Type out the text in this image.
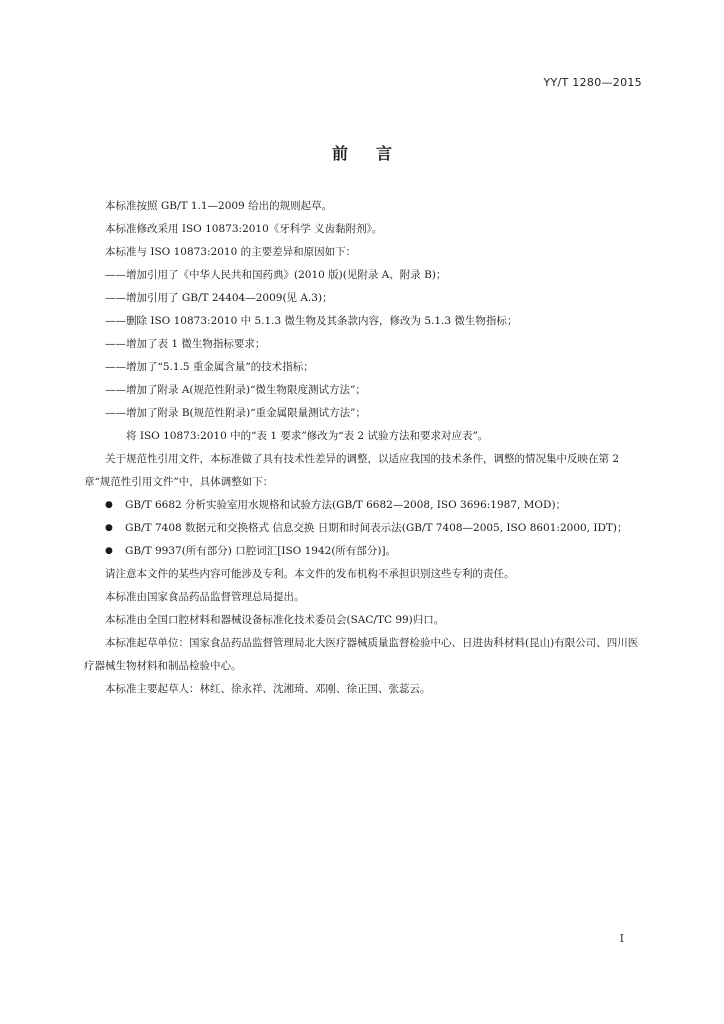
YY/T 1280—2015
前 言

本标准按照 GB/T 1.1—2009 给出的规则起草。

本标准修改采用 ISO 10873:2010《牙科学 义齿黏附剂》。

本标准与 ISO 10873:2010 的主要差异和原因如下：

——增加引用了《中华人民共和国药典》(2010 版)(见附录 A、附录 B)；

——增加引用了 GB/T 24404—2009(见 A.3)；

——删除 ISO 10873:2010 中 5.1.3 微生物及其条款内容，修改为 5.1.3 微生物指标；

——增加了表 1 微生物指标要求；

——增加了“5.1.5 重金属含量”的技术指标；

——增加了附录 A(规范性附录)“微生物限度测试方法”；

——增加了附录 B(规范性附录)“重金属限量测试方法”；

将 ISO 10873:2010 中的“表 1 要求”修改为“表 2 试验方法和要求对应表”。

关于规范性引用文件，本标准做了具有技术性差异的调整，以适应我国的技术条件，调整的情况集中反映在第 2 章“规范性引用文件”中，具体调整如下：

●	GB/T 6682 分析实验室用水规格和试验方法(GB/T 6682—2008, ISO 3696:1987, MOD)；
●	GB/T 7408 数据元和交换格式 信息交换 日期和时间表示法(GB/T 7408—2005, ISO 8601:2000, IDT)；
●	GB/T 9937(所有部分) 口腔词汇[ISO 1942(所有部分)]。

请注意本文件的某些内容可能涉及专利。本文件的发布机构不承担识别这些专利的责任。

本标准由国家食品药品监督管理总局提出。

本标准由全国口腔材料和器械设备标准化技术委员会(SAC/TC 99)归口。

本标准起草单位：国家食品药品监督管理局北大医疗器械质量监督检验中心、日进齿科材料(昆山)有限公司、四川医疗器械生物材料和制品检验中心。

本标准主要起草人：林红、徐永祥、沈湘琦、邓刚、徐正国、张蕊云。

I
